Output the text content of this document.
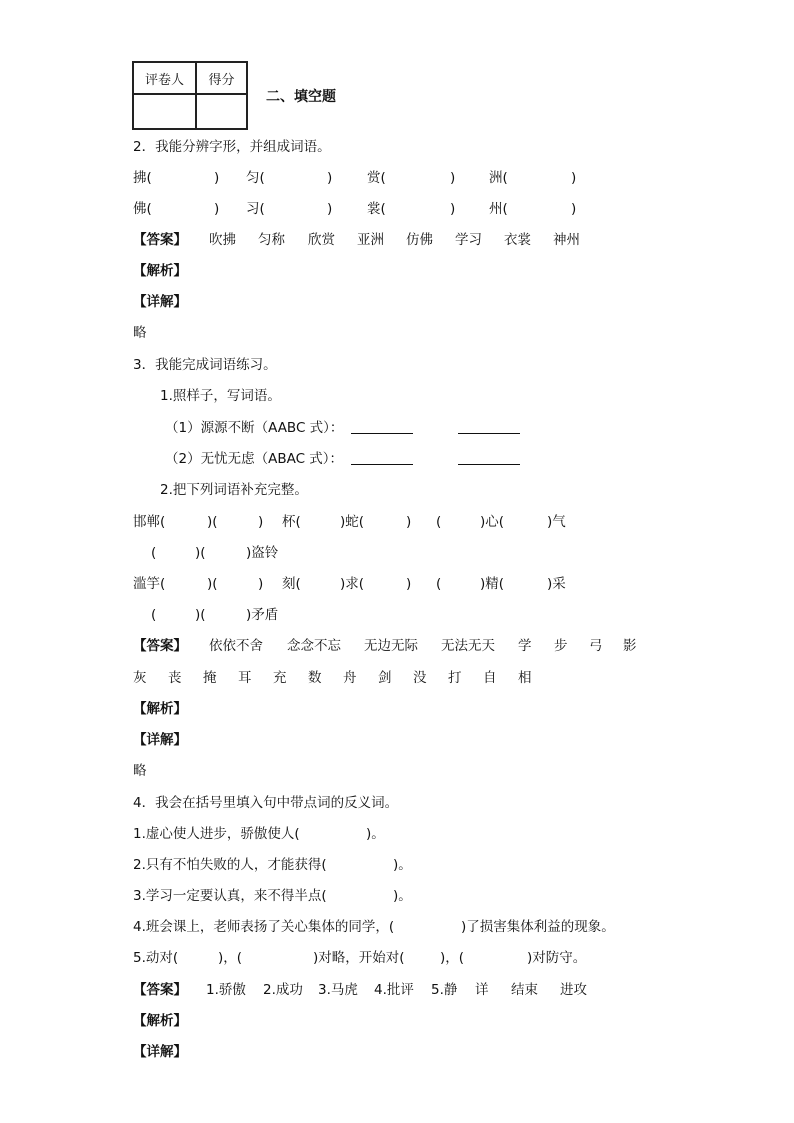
评卷人	得分

二、填空题
2．我能分辨字形，并组成词语。
拂(	) 匀(	)	赏(	) 洲(	)
佛(	) 习(	)	裳(	) 州(	)
【答案】 吹拂 匀称 欣赏 亚洲 仿佛 学习 衣裳 神州
【解析】
【详解】
略
3．我能完成词语练习。
1.照样子，写词语。
（1）源源不断（AABC 式）：
（2）无忧无虑（ABAC 式）：
2.把下列词语补充完整。
邯郸(	)(	) 杯(	)蛇(	) (	)心(	)气
(	)(	)盗铃
滥竽(	)(	) 刻(	)求(	) (	)精(	)采
(	)(	)矛盾
【答案】 依依不舍 念念不忘 无边无际 无法无天 学 步 弓 影
灰 丧 掩 耳 充 数 舟 剑 没 打 自 相
【解析】
【详解】
略
4．我会在括号里填入句中带点词的反义词。
1.虚心使人进步，骄傲使人(	)。
2.只有不怕失败的人，才能获得(	)。
3.学习一定要认真，来不得半点(	)。
4.班会课上，老师表扬了关心集体的同学，(	)了损害集体利益的现象。
5.动对(	)，(	)对略，开始对(	)，(	)对防守。
【答案】 1.骄傲 2.成功 3.马虎 4.批评 5.静 详 结束 进攻
【解析】
【详解】
